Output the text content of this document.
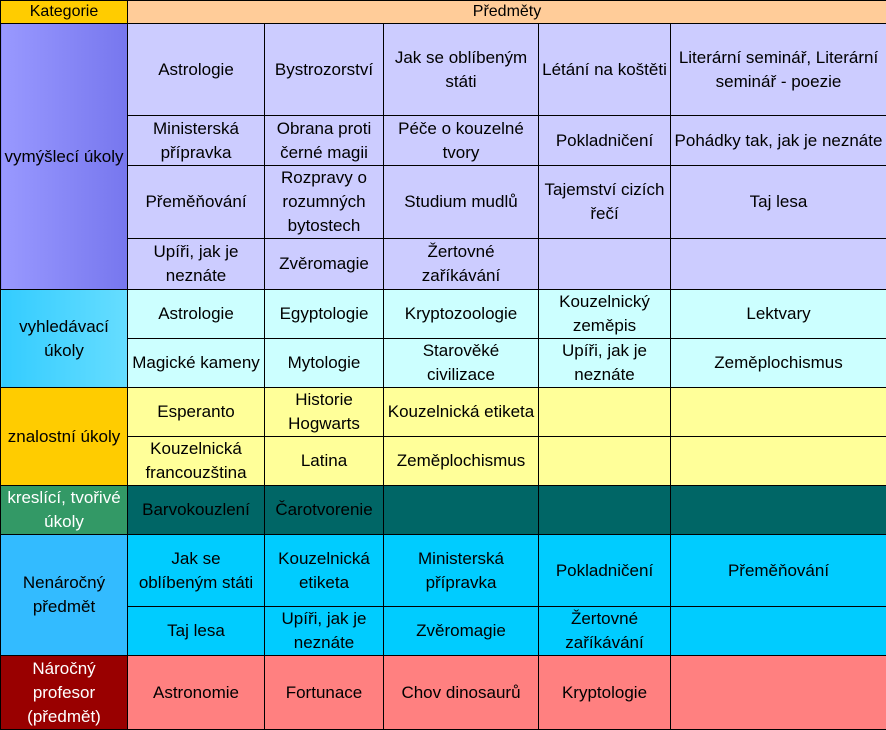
Kategorie	Předměty				
vymýšlecí úkoly	Astrologie	Bystrozorství	Jak se oblíbeným státi	Létání na koštěti	Literární seminář, Literární seminář - poezie
	Ministerská přípravka	Obrana proti černé magii	Péče o kouzelné tvory	Pokladničení	Pohádky tak, jak je neznáte
	Přeměňování	Rozpravy o rozumných bytostech	Studium mudlů	Tajemství cizích řečí	Taj lesa
	Upíři, jak je neznáte	Zvěromagie	Žertovné zaříkávání		
vyhledávací úkoly	Astrologie	Egyptologie	Kryptozoologie	Kouzelnický zeměpis	Lektvary
	Magické kameny	Mytologie	Starověké civilizace	Upíři, jak je neznáte	Zeměplochismus
znalostní úkoly	Esperanto	Historie Hogwarts	Kouzelnická etiketa		
	Kouzelnická francouzština	Latina	Zeměplochismus		
kreslící, tvořivé úkoly	Barvokouzlení	Čarotvorenie			
Nenáročný předmět	Jak se oblíbeným státi	Kouzelnická etiketa	Ministerská přípravka	Pokladničení	Přeměňování
	Taj lesa	Upíři, jak je neznáte	Zvěromagie	Žertovné zaříkávání	
Náročný profesor (předmět)	Astronomie	Fortunace	Chov dinosaurů	Kryptologie	
